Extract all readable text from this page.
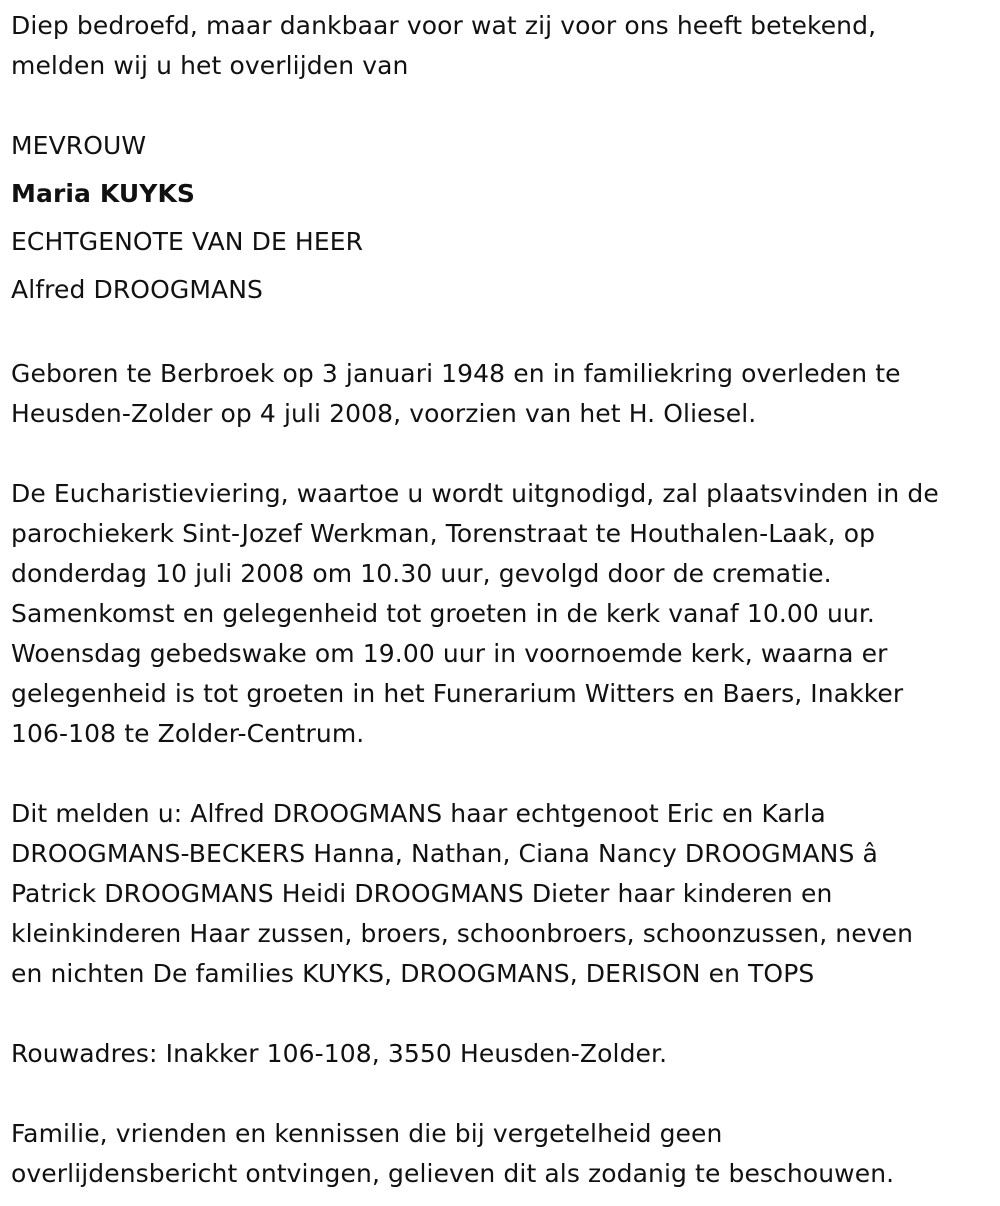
Diep bedroefd, maar dankbaar voor wat zij voor ons heeft betekend,
melden wij u het overlijden van

MEVROUW
Maria KUYKS
ECHTGENOTE VAN DE HEER
Alfred DROOGMANS

Geboren te Berbroek op 3 januari 1948 en in familiekring overleden te
Heusden-Zolder op 4 juli 2008, voorzien van het H. Oliesel.

De Eucharistieviering, waartoe u wordt uitgnodigd, zal plaatsvinden in de
parochiekerk Sint-Jozef Werkman, Torenstraat te Houthalen-Laak, op
donderdag 10 juli 2008 om 10.30 uur, gevolgd door de crematie.
Samenkomst en gelegenheid tot groeten in de kerk vanaf 10.00 uur.
Woensdag gebedswake om 19.00 uur in voornoemde kerk, waarna er
gelegenheid is tot groeten in het Funerarium Witters en Baers, Inakker
106-108 te Zolder-Centrum.

Dit melden u: Alfred DROOGMANS haar echtgenoot Eric en Karla
DROOGMANS-BECKERS Hanna, Nathan, Ciana Nancy DROOGMANS â
Patrick DROOGMANS Heidi DROOGMANS Dieter haar kinderen en
kleinkinderen Haar zussen, broers, schoonbroers, schoonzussen, neven
en nichten De families KUYKS, DROOGMANS, DERISON en TOPS

Rouwadres: Inakker 106-108, 3550 Heusden-Zolder.

Familie, vrienden en kennissen die bij vergetelheid geen
overlijdensbericht ontvingen, gelieven dit als zodanig te beschouwen.
